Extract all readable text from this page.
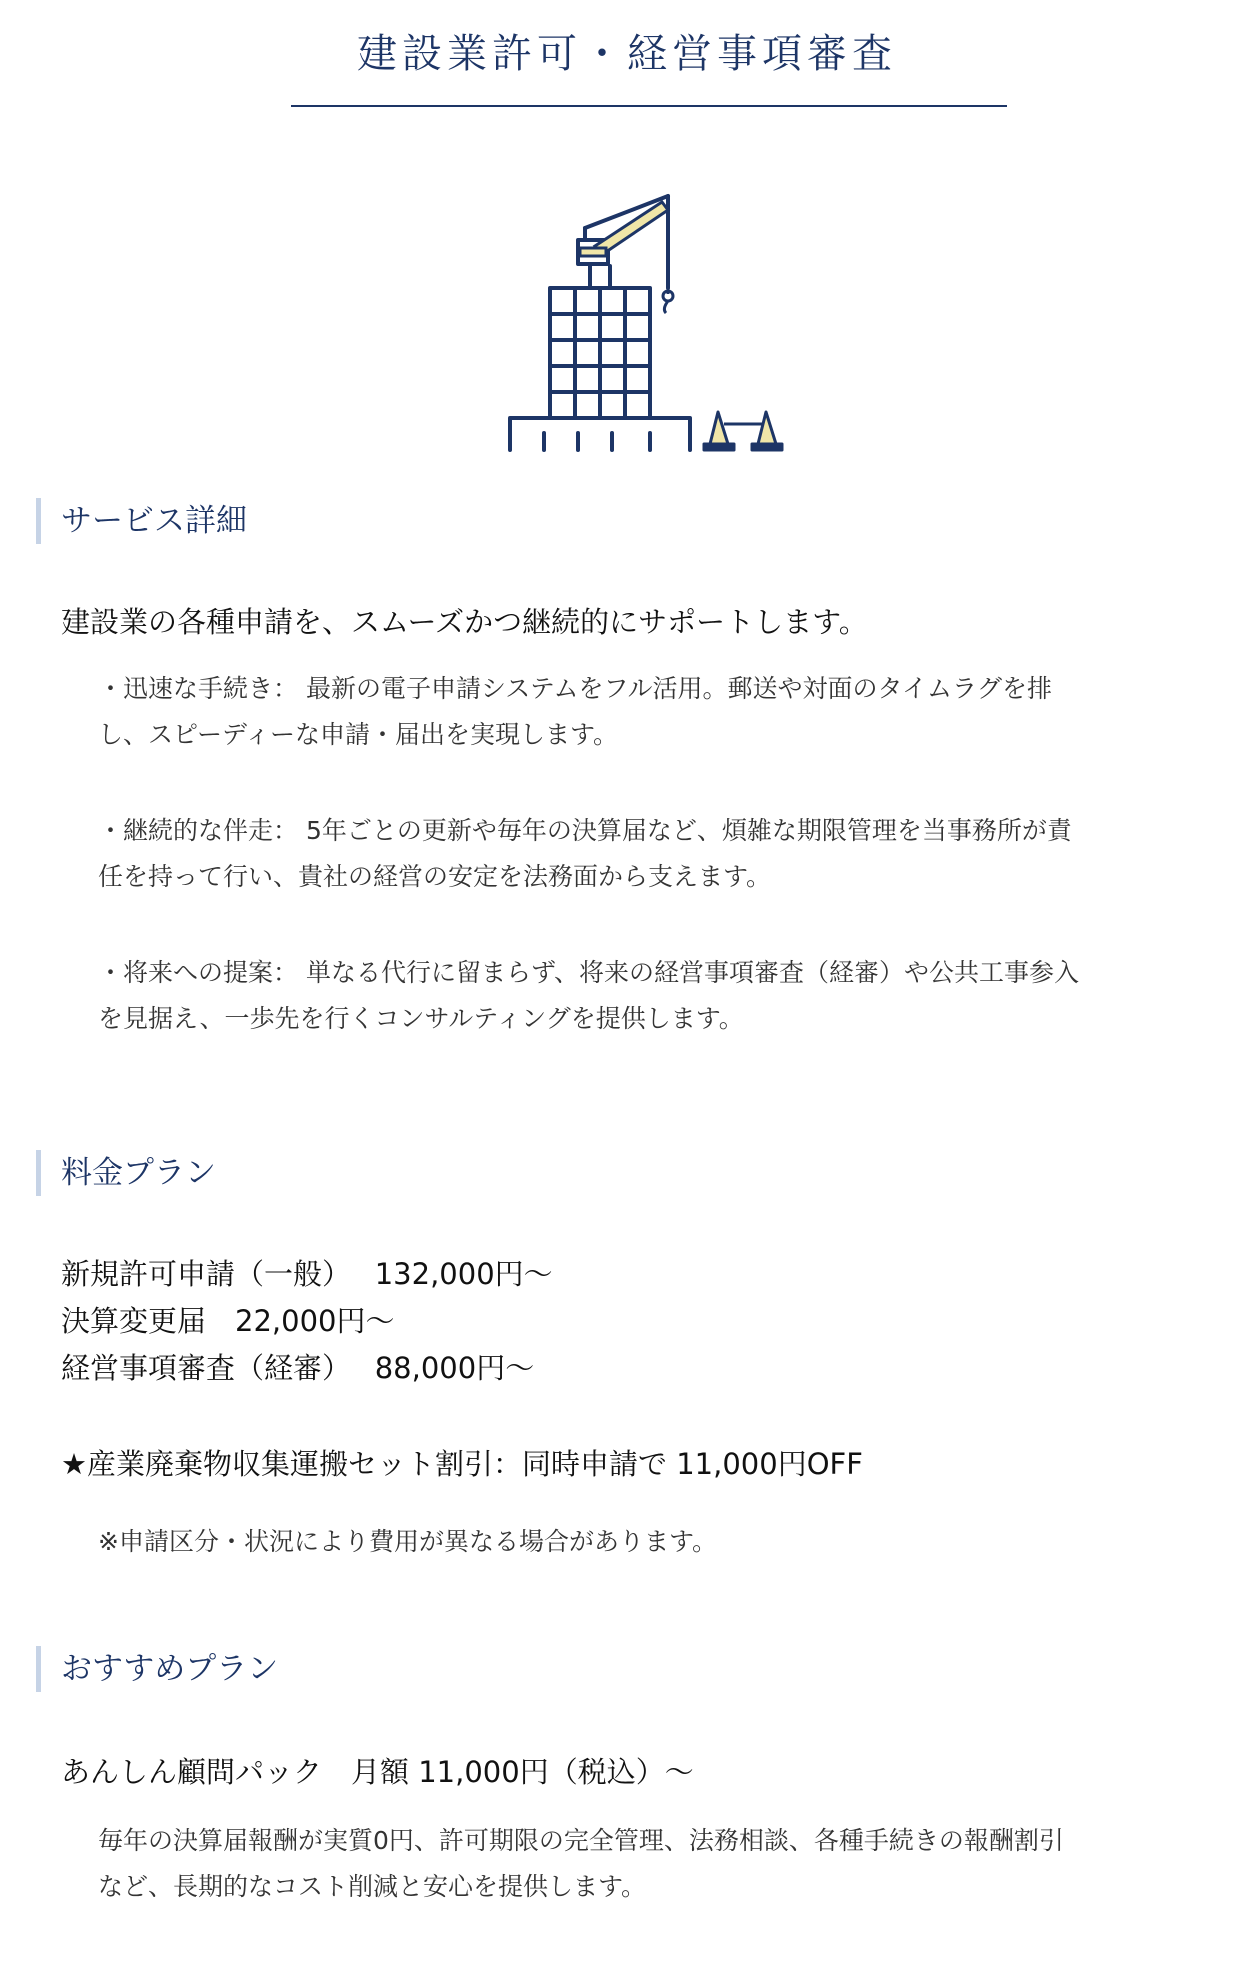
建設業許可・経営事項審査
サービス詳細

建設業の各種申請を、スムーズかつ継続的にサポートします。

・迅速な手続き： 最新の電子申請システムをフル活用。郵送や対面のタイムラグを排
し、スピーディーな申請・届出を実現します。

・継続的な伴走： 5年ごとの更新や毎年の決算届など、煩雑な期限管理を当事務所が責
任を持って行い、貴社の経営の安定を法務面から支えます。

・将来への提案： 単なる代行に留まらず、将来の経営事項審査（経審）や公共工事参入
を見据え、一歩先を行くコンサルティングを提供します。

料金プラン
新規許可申請（一般）　 132,000円〜
決算変更届　22,000円〜
経営事項審査（経審）　 88,000円〜
★産業廃棄物収集運搬セット割引：同時申請で 11,000円OFF
※申請区分・状況により費用が異なる場合があります。
おすすめプラン
あんしん顧問パック　月額 11,000円（税込）〜

毎年の決算届報酬が実質0円、許可期限の完全管理、法務相談、各種手続きの報酬割引
など、長期的なコスト削減と安心を提供します。
